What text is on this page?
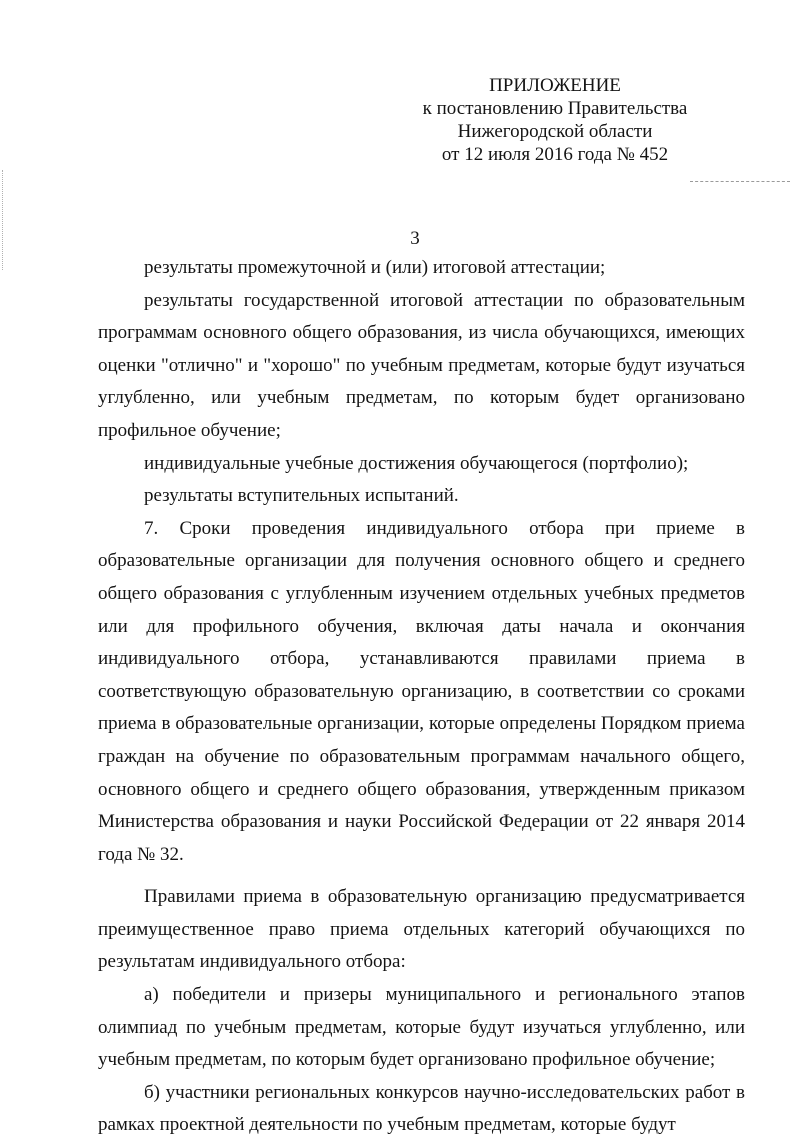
ПРИЛОЖЕНИЕ
к постановлению Правительства
Нижегородской области
от 12 июля 2016 года № 452
3

результаты промежуточной и (или) итоговой аттестации;

результаты государственной итоговой аттестации по образовательным программам основного общего образования, из числа обучающихся, имеющих оценки "отлично" и "хорошо" по учебным предметам, которые будут изучаться углубленно, или учебным предметам, по которым будет организовано профильное обучение;

индивидуальные учебные достижения обучающегося (портфолио);

результаты вступительных испытаний.

7. Сроки проведения индивидуального отбора при приеме в образовательные организации для получения основного общего и среднего общего образования с углубленным изучением отдельных учебных предметов или для профильного обучения, включая даты начала и окончания индивидуального отбора, устанавливаются правилами приема в соответствующую образовательную организацию, в соответствии со сроками приема в образовательные организации, которые определены Порядком приема граждан на обучение по образовательным программам начального общего, основного общего и среднего общего образования, утвержденным приказом Министерства образования и науки Российской Федерации от 22 января 2014 года № 32.

Правилами приема в образовательную организацию предусматривается преимущественное право приема отдельных категорий обучающихся по результатам индивидуального отбора:

а) победители и призеры муниципального и регионального этапов олимпиад по учебным предметам, которые будут изучаться углубленно, или учебным предметам, по которым будет организовано профильное обучение;

б) участники региональных конкурсов научно-исследовательских работ в рамках проектной деятельности по учебным предметам, которые будут
